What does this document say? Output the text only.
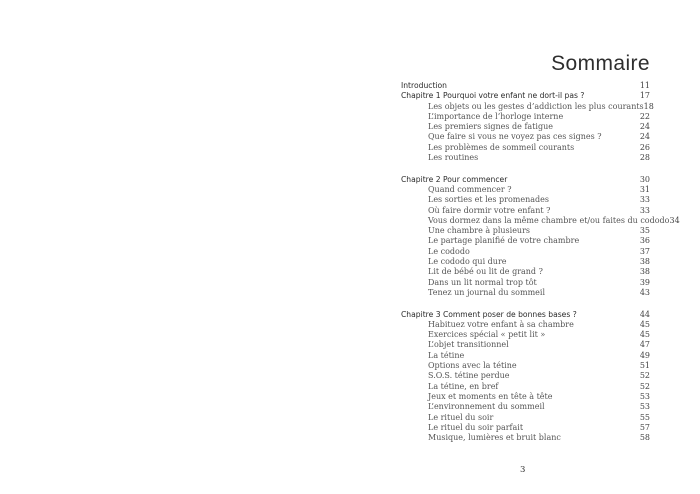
Sommaire
Introduction	11
Chapitre 1 Pourquoi votre enfant ne dort-il pas ?	17
Les objets ou les gestes d’addiction les plus courants 18
L’importance de l’horloge interne	22
Les premiers signes de fatigue	24
Que faire si vous ne voyez pas ces signes ?	24
Les problèmes de sommeil courants	26
Les routines	28
Chapitre 2 Pour commencer	30
Quand commencer ?	31
Les sorties et les promenades	33
Où faire dormir votre enfant ?	33
Vous dormez dans la même chambre et/ou faites du cododo 34
Une chambre à plusieurs	35
Le partage planifié de votre chambre	36
Le cododo	37
Le cododo qui dure	38
Lit de bébé ou lit de grand ?	38
Dans un lit normal trop tôt	39
Tenez un journal du sommeil	43
Chapitre 3 Comment poser de bonnes bases ?	44
Habituez votre enfant à sa chambre	45
Exercices spécial « petit lit »	45
L’objet transitionnel	47
La tétine	49
Options avec la tétine	51
S.O.S. tétine perdue	52
La tétine, en bref	52
Jeux et moments en tête à tête	53
L’environnement du sommeil	53
Le rituel du soir	55
Le rituel du soir parfait	57
Musique, lumières et bruit blanc	58
3
